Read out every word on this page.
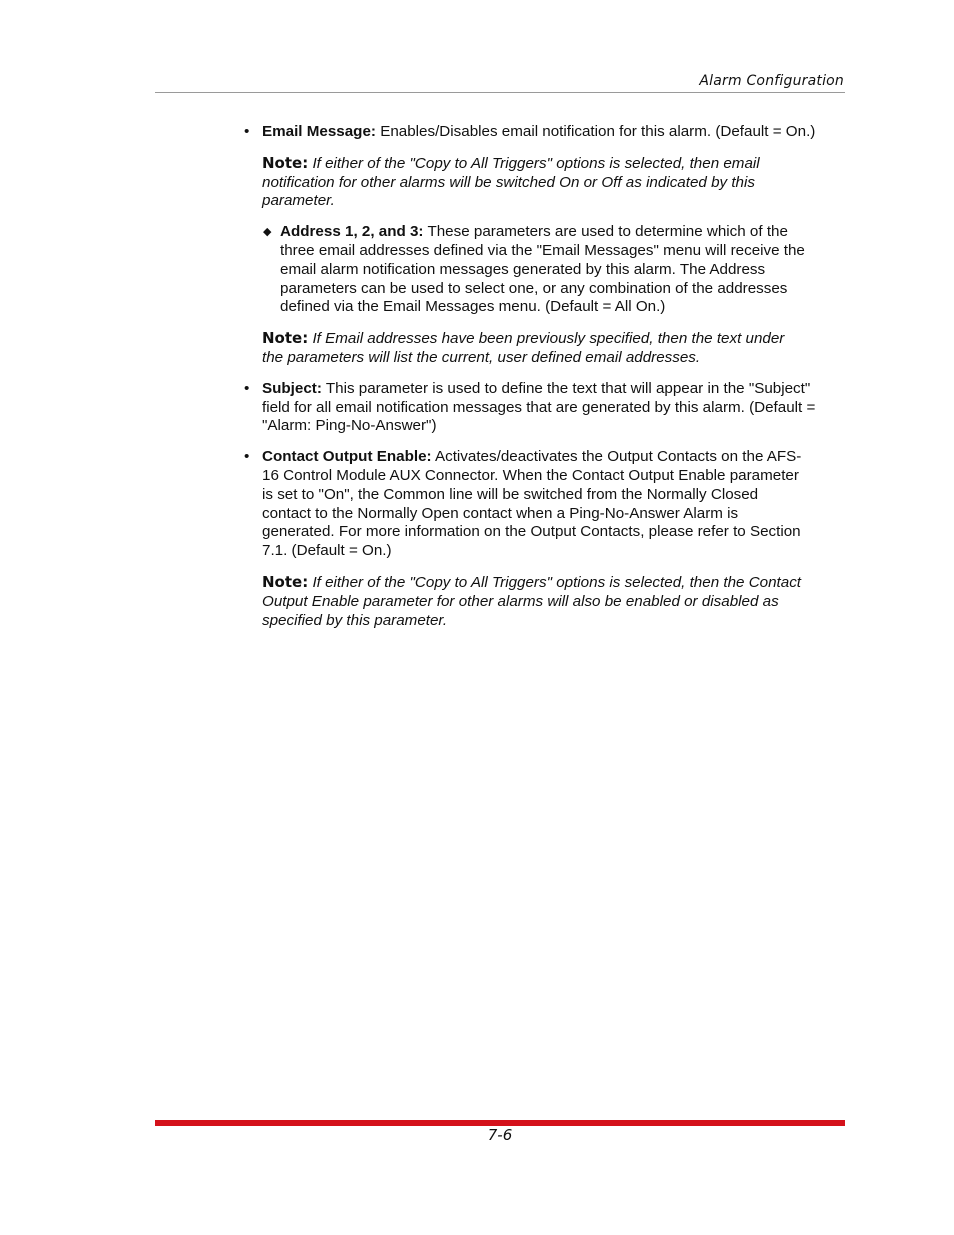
Alarm Configuration
• Email Message: Enables/Disables email notification for this alarm. (Default = On.)
Note: If either of the "Copy to All Triggers" options is selected, then email notification for other alarms will be switched On or Off as indicated by this parameter.
◆ Address 1, 2, and 3: These parameters are used to determine which of the three email addresses defined via the "Email Messages" menu will receive the email alarm notification messages generated by this alarm. The Address parameters can be used to select one, or any combination of the addresses defined via the Email Messages menu. (Default = All On.)
Note: If Email addresses have been previously specified, then the text under the parameters will list the current, user defined email addresses.
• Subject: This parameter is used to define the text that will appear in the "Subject" field for all email notification messages that are generated by this alarm. (Default = "Alarm: Ping-No-Answer")
• Contact Output Enable: Activates/deactivates the Output Contacts on the AFS-16 Control Module AUX Connector. When the Contact Output Enable parameter is set to "On", the Common line will be switched from the Normally Closed contact to the Normally Open contact when a Ping-No-Answer Alarm is generated. For more information on the Output Contacts, please refer to Section 7.1. (Default = On.)
Note: If either of the "Copy to All Triggers" options is selected, then the Contact Output Enable parameter for other alarms will also be enabled or disabled as specified by this parameter.
7-6
